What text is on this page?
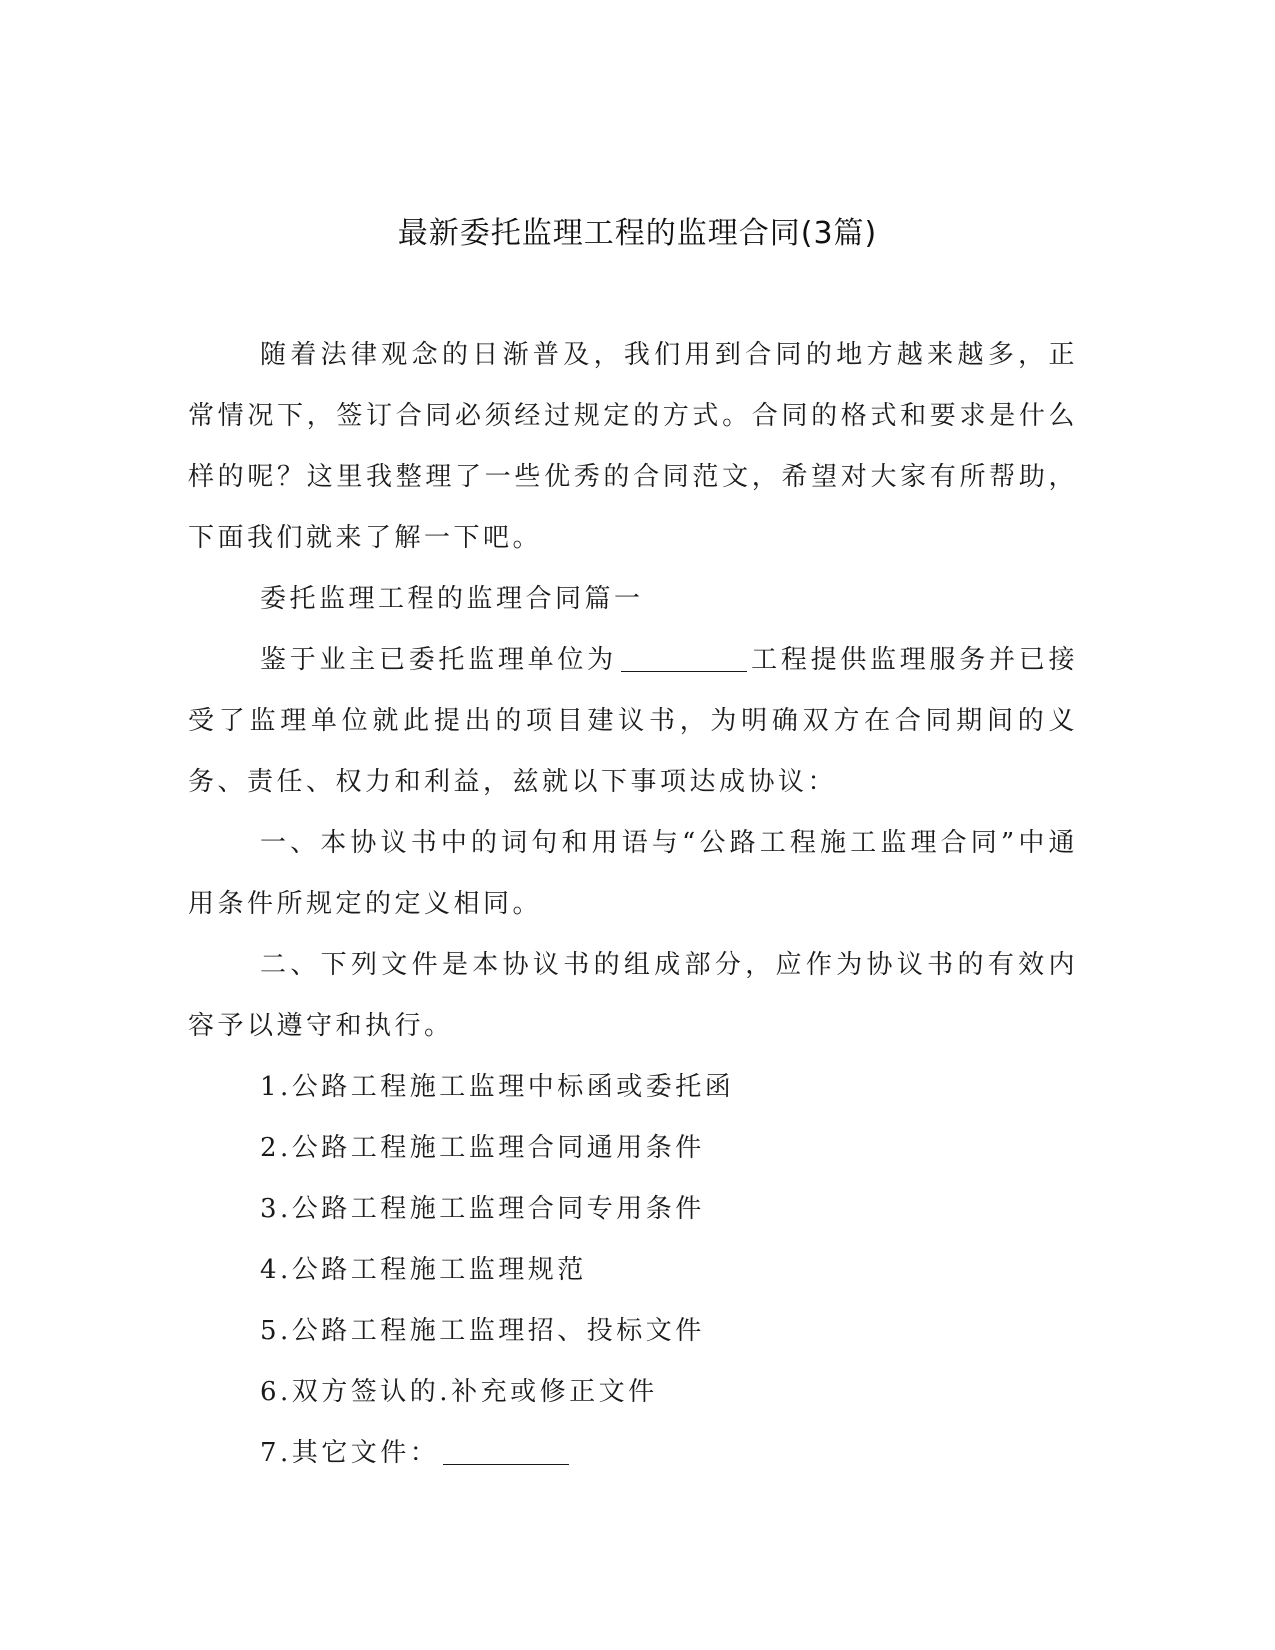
最新委托监理工程的监理合同(3篇)

随着法律观念的日渐普及，我们用到合同的地方越来越多，正常情况下，签订合同必须经过规定的方式。合同的格式和要求是什么样的呢？这里我整理了一些优秀的合同范文，希望对大家有所帮助，下面我们就来了解一下吧。

委托监理工程的监理合同篇一

鉴于业主已委托监理单位为	工程提供监理服务并已接受了监理单位就此提出的项目建议书，为明确双方在合同期间的义务、责任、权力和利益，兹就以下事项达成协议：

一、本协议书中的词句和用语与“公路工程施工监理合同”中通用条件所规定的定义相同。

二、下列文件是本协议书的组成部分，应作为协议书的有效内容予以遵守和执行。

1.公路工程施工监理中标函或委托函

2.公路工程施工监理合同通用条件

3.公路工程施工监理合同专用条件

4.公路工程施工监理规范

5.公路工程施工监理招、投标文件

6.双方签认的.补充或修正文件

7.其它文件：
